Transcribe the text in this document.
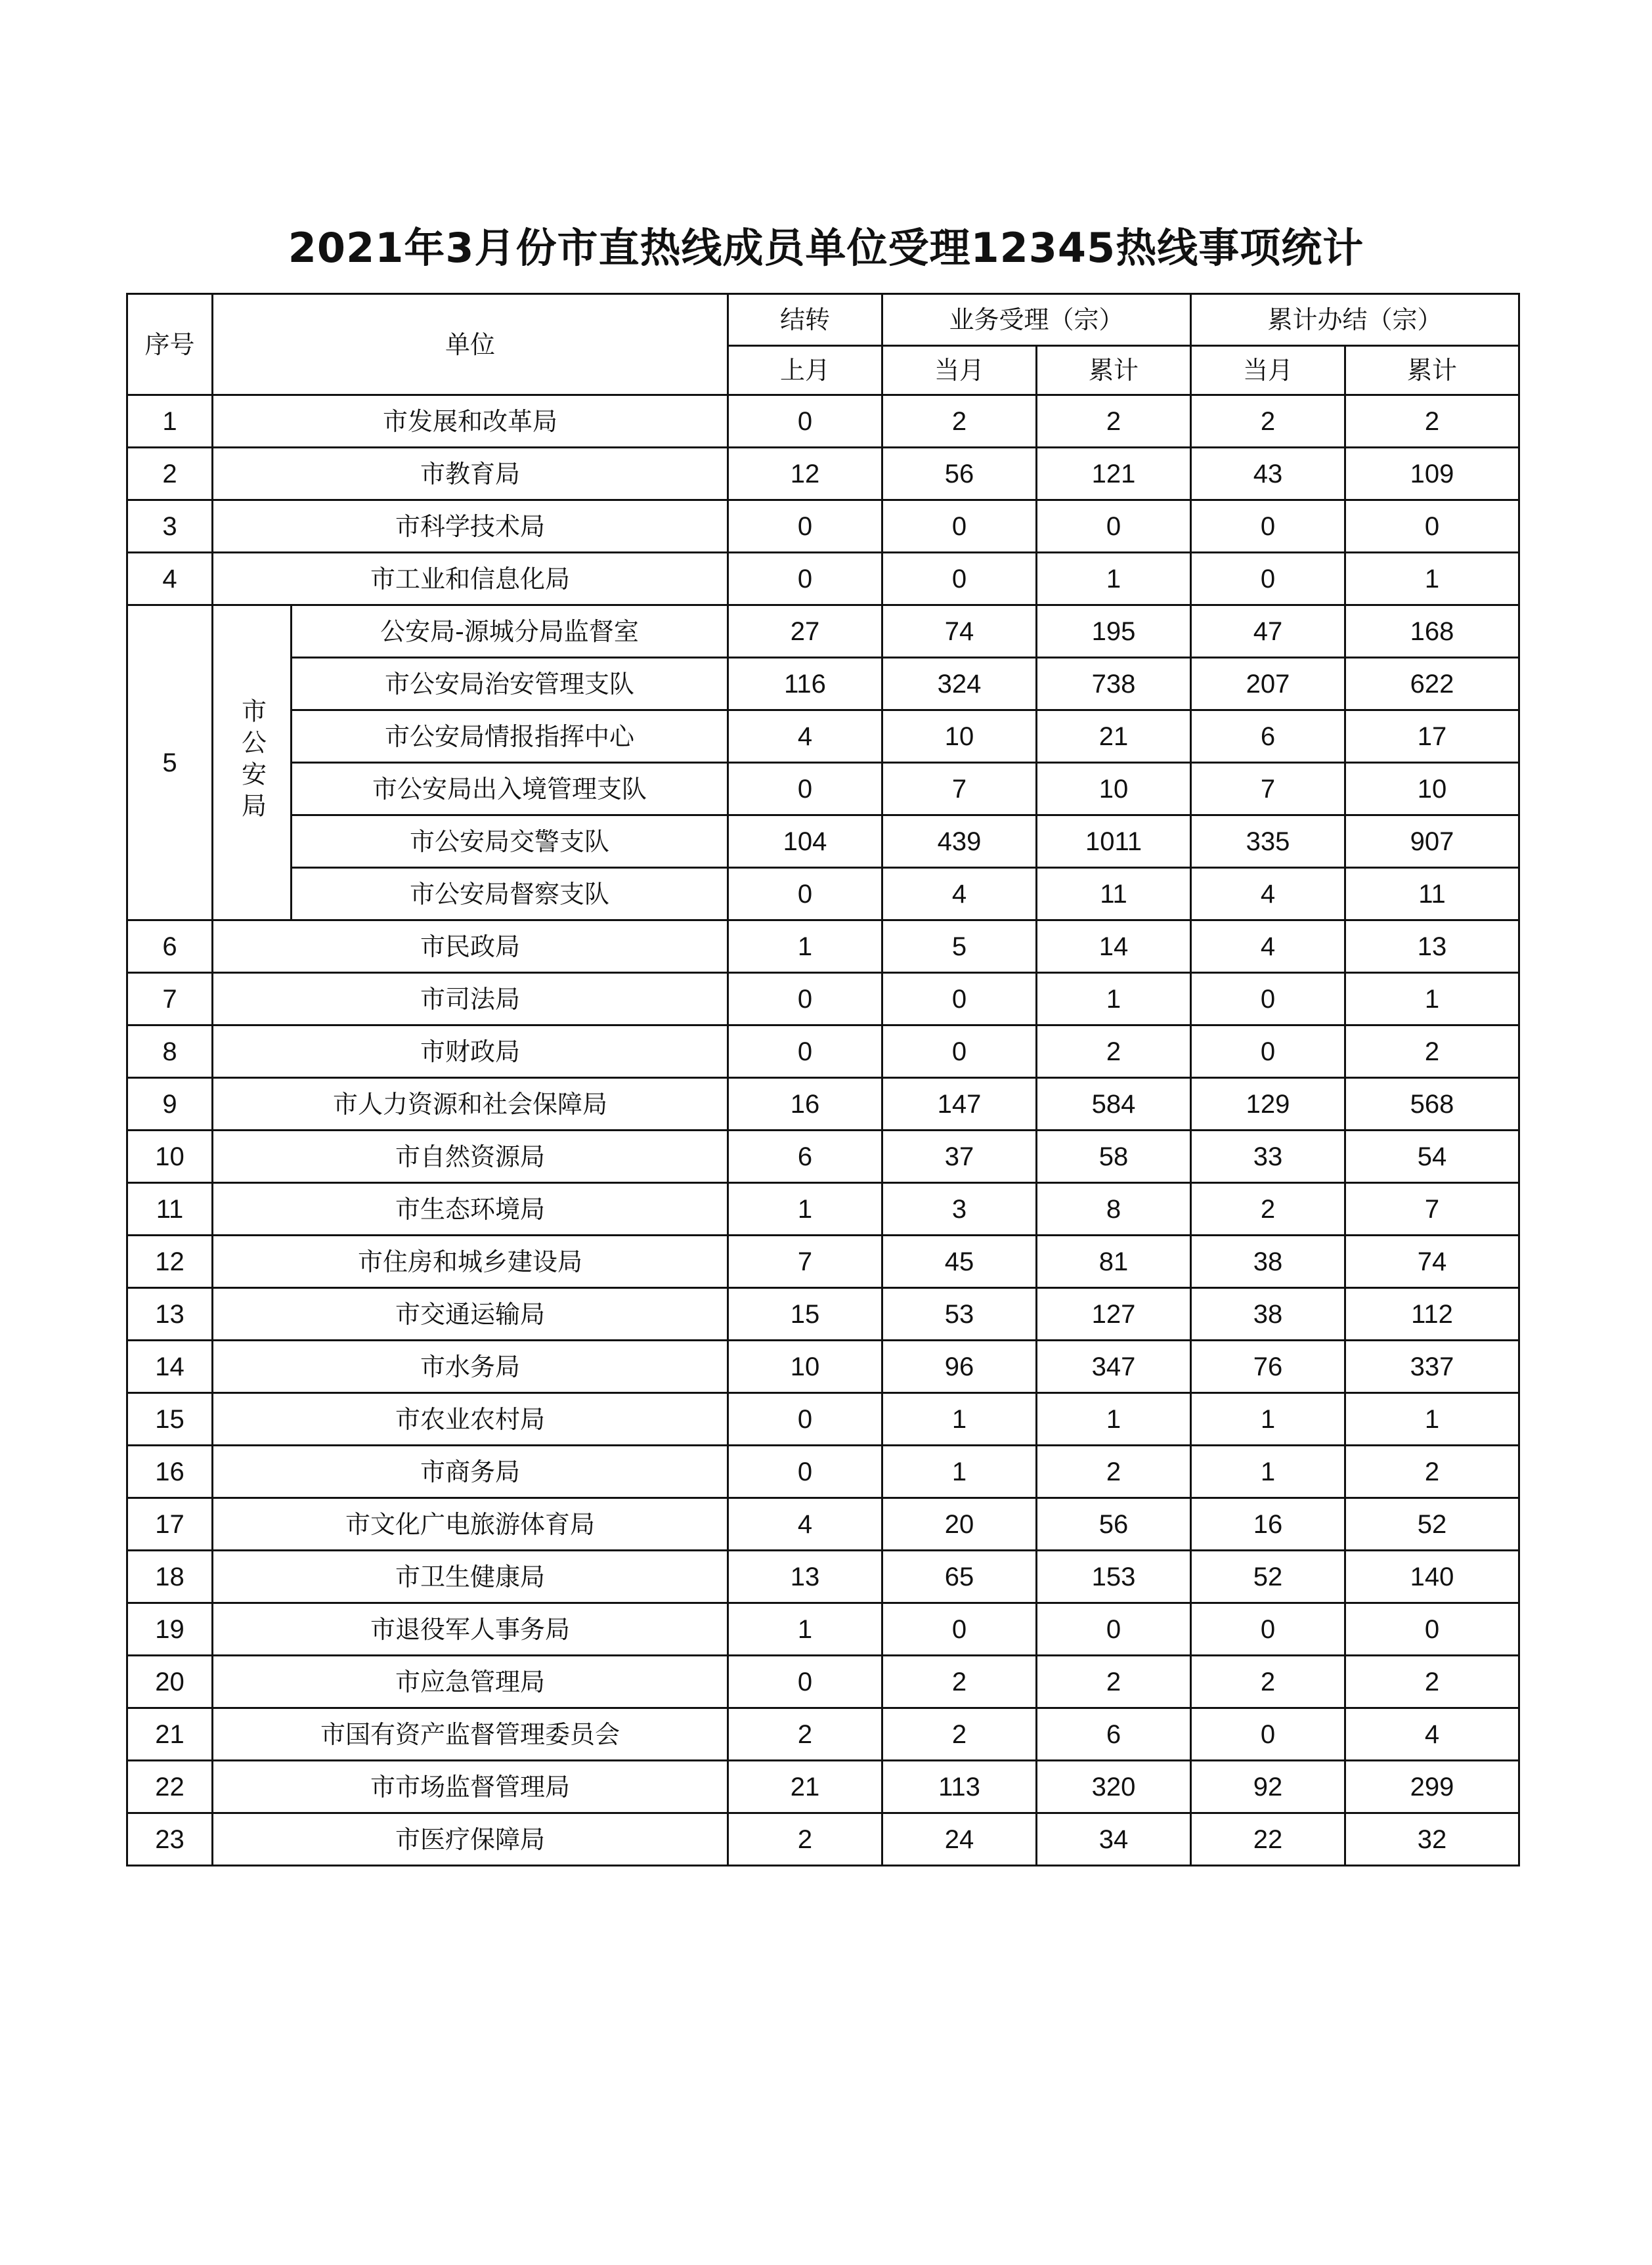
2021年3月份市直热线成员单位受理12345热线事项统计
序号	单位		结转	业务受理（宗）		累计办结（宗）	
			上月	当月	累计	当月	累计
1	市发展和改革局		0	2	2	2	2
2	市教育局		12	56	121	43	109
3	市科学技术局		0	0	0	0	0
4	市工业和信息化局		0	0	1	0	1
5	市公安局	公安局-源城分局监督室	27	74	195	47	168
		市公安局治安管理支队	116	324	738	207	622
		市公安局情报指挥中心	4	10	21	6	17
		市公安局出入境管理支队	0	7	10	7	10
		市公安局交警支队	104	439	1011	335	907
		市公安局督察支队	0	4	11	4	11
6	市民政局		1	5	14	4	13
7	市司法局		0	0	1	0	1
8	市财政局		0	0	2	0	2
9	市人力资源和社会保障局		16	147	584	129	568
10	市自然资源局		6	37	58	33	54
11	市生态环境局		1	3	8	2	7
12	市住房和城乡建设局		7	45	81	38	74
13	市交通运输局		15	53	127	38	112
14	市水务局		10	96	347	76	337
15	市农业农村局		0	1	1	1	1
16	市商务局		0	1	2	1	2
17	市文化广电旅游体育局		4	20	56	16	52
18	市卫生健康局		13	65	153	52	140
19	市退役军人事务局		1	0	0	0	0
20	市应急管理局		0	2	2	2	2
21	市国有资产监督管理委员会		2	2	6	0	4
22	市市场监督管理局		21	113	320	92	299
23	市医疗保障局		2	24	34	22	32
